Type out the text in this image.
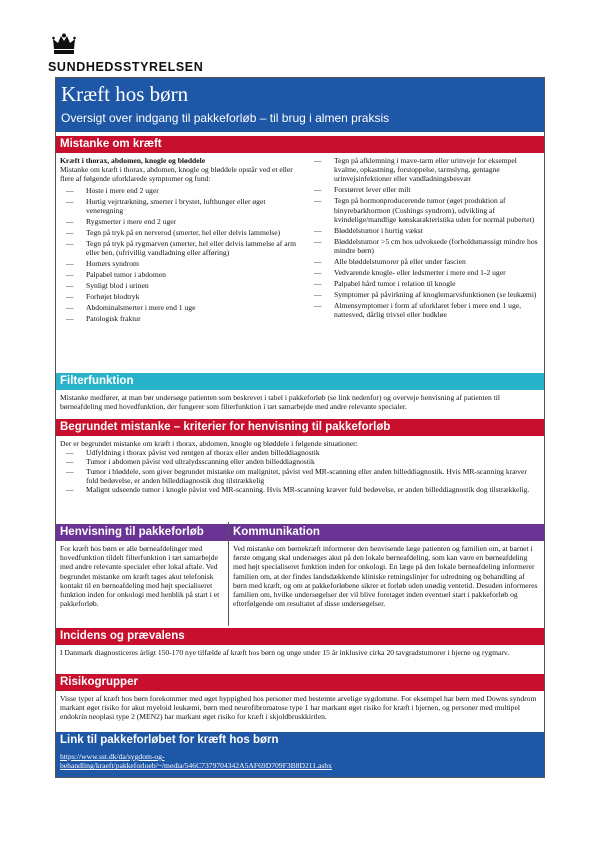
SUNDHEDSSTYRELSEN
Kræft hos børn
Oversigt over indgang til pakkeforløb – til brug i almen praksis
Mistanke om kræft

Kræft i thorax, abdomen, knogle og bløddele

Mistanke om kræft i thorax, abdomen, knogle og bløddele opstår ved et eller flere af følgende uforklarede symptomer og fund:

— Hoste i mere end 2 uger
— Hurtig vejrtrækning, smerter i brystet, lufthunger eller øget venetegning
— Rygsmerter i mere end 2 uger
— Tegn på tryk på en nerverod (smerter, hel eller delvis lammelse)
— Tegn på tryk på rygmarven (smerter, hel eller delvis lammelse af arm eller ben, (ufrivillig vandladning eller afføring)
— Horners syndrom
— Palpabel tumor i abdomen
— Synligt blod i urinen
— Forhøjet blodtryk
— Abdominalsmerter i mere end 1 uge
— Patologisk fraktur
— Tegn på afklemning i mave-tarm eller urinveje for eksempel kvalme, opkastning, forstoppelse, tarmslyng, gentagne urinvejsinfektioner eller vandladningsbesvær
— Forstørret lever eller milt
— Tegn på hormonproducerende tumor (øget produktion af binyrebarkhormon (Cushings syndrom), udvikling af kvindelige/mandlige kønskarakteristika uden for normal pubertet)
— Bløddelstumor i hurtig vækst
— Bløddelstumor >5 cm hos udvoksede (forholdsmæssigt mindre hos mindre børn)
— Alle bløddelstumorer på eller under fascien
— Vedvarende knogle- eller ledsmerter i mere end 1-2 uger
— Palpabel hård tumor i relation til knogle
— Symptomer på påvirkning af knoglemarvsfunktionen (se leukæmi)
— Almensymptomer i form af uforklaret feber i mere end 1 uge, nattesved, dårlig trivsel eller hudkløe
Filterfunktion
Mistanke medfører, at man bør undersøge patienten som beskrevet i tabel i pakkeforløb (se link nedenfor) og overveje henvisning af patienten til børneafdeling med hovedfunktion, der fungerer som filterfunktion i tæt samarbejde med andre relevante specialer.
Begrundet mistanke – kriterier for henvisning til pakkeforløb

Der er begrundet mistanke om kræft i thorax, abdomen, knogle og bløddele i følgende situationer:

— Udfyldning i thorax påvist ved røntgen af thorax eller anden billeddiagnostik
— Tumor i abdomen påvist ved ultralydsscanning eller anden billeddiagnostik
— Tumor i bløddele, som giver begrundet mistanke om malignitet, påvist ved MR-scanning eller anden billeddiagnostik. Hvis MR-scanning kræver fuld bedøvelse, er anden billeddiagnostik dog tilstrækkelig
— Malignt udseende tumor i knogle påvist ved MR-scanning. Hvis MR-scanning kræver fuld bedøvelse, er anden billeddiagnostik dog tilstrækkelig.
Henvisning til pakkeforløb	Kommunikation
For kræft hos børn er alle børneafdelinger med hovedfunktion tildelt filterfunktion i tæt samarbejde med andre relevante specialer efter lokal aftale. Ved begrundet mistanke om kræft tages akut telefonisk kontakt til en børneafdeling med højt specialiseret funktion inden for onkologi med henblik på start i et pakkeforløb.
Ved mistanke om børnekræft informerer den henvisende læge patienten og familien om, at barnet i første omgang skal undersøges akut på den lokale børneafdeling, som kan være en børneafdeling med højt specialiseret funktion inden for onkologi. En læge på den lokale børneafdeling informerer familien om, at der findes landsdækkende kliniske retningslinjer for udredning og behandling af børn med kræft, og om at pakkeforløbene sikrer et forløb uden unødig ventetid. Desuden informeres familien om, hvilke undersøgelser der vil blive foretaget inden eventuel start i pakkeforløb og efterfølgende om resultatet af disse undersøgelser.
Incidens og prævalens
I Danmark diagnosticeres årligt 150-170 nye tilfælde af kræft hos børn og unge under 15 år inklusive cirka 20 tavgradstumorer i hjerne og rygmarv.
Risikogrupper
Visse typer af kræft hos børn forekommer med øget hyppighed hos personer med bestemte arvelige sygdomme. For eksempel har børn med Downs syndrom markant øget risiko for akut myeloid leukæmi, børn med neurofibromatose type 1 har markant øget risiko for kræft i hjernen, og personer med multipel endokrin neoplasi type 2 (MEN2) har markant øget risiko for kræft i skjoldbruskkirtlen.
Link til pakkeforløbet for kræft hos børn
https://www.sst.dk/da/sygdom-og-
behandling/kraeft/pakkeforloeb/~/media/546C7379704342A5AF69D709F3B8D211.ashx
